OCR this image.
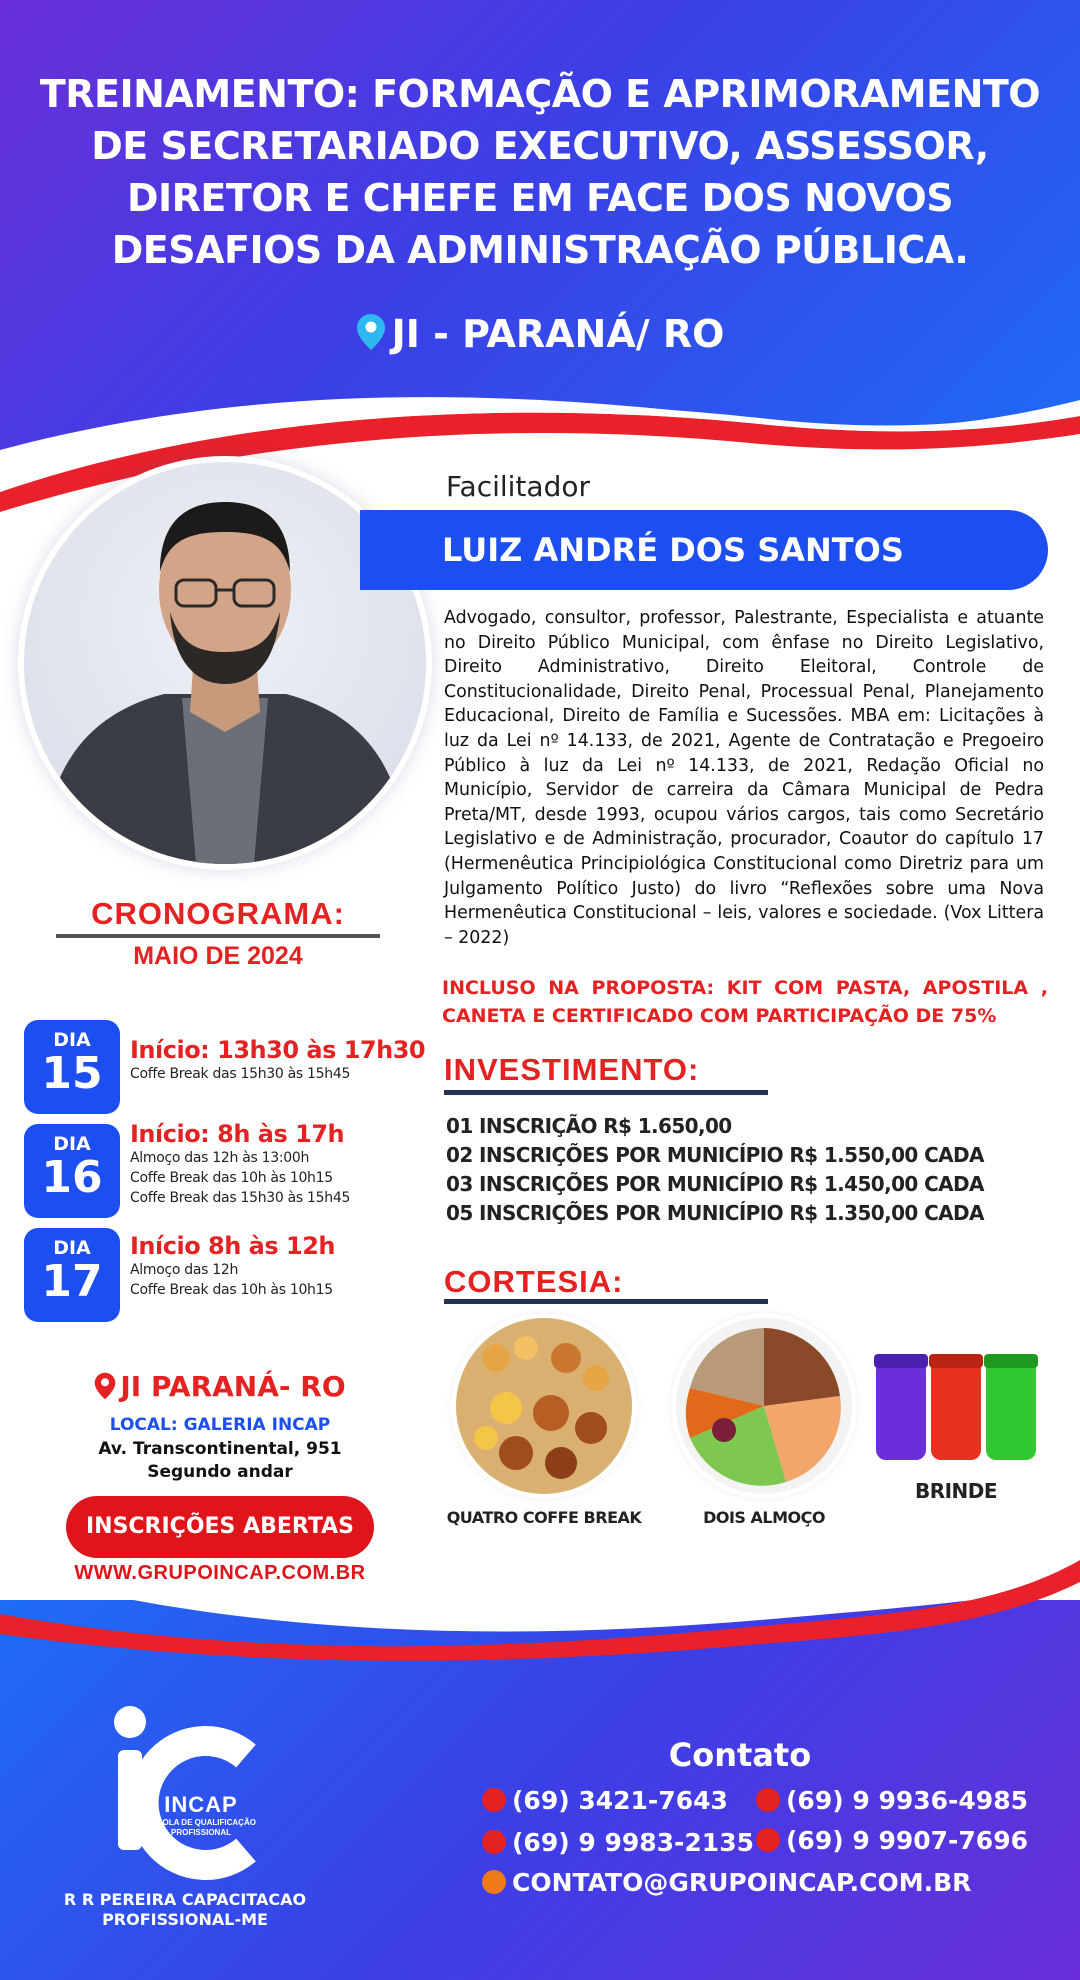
TREINAMENTO: FORMAÇÃO E APRIMORAMENTO DE SECRETARIADO EXECUTIVO, ASSESSOR, DIRETOR E CHEFE EM FACE DOS NOVOS DESAFIOS DA ADMINISTRAÇÃO PÚBLICA.
JI - PARANÁ/ RO
Facilitador
LUIZ ANDRÉ DOS SANTOS
Advogado, consultor, professor, Palestrante, Especialista e atuante no Direito Público Municipal, com ênfase no Direito Legislativo, Direito Administrativo, Direito Eleitoral, Controle de Constitucionalidade, Direito Penal, Processual Penal, Planejamento Educacional, Direito de Família e Sucessões. MBA em: Licitações à luz da Lei nº 14.133, de 2021, Agente de Contratação e Pregoeiro Público à luz da Lei nº 14.133, de 2021, Redação Oficial no Município, Servidor de carreira da Câmara Municipal de Pedra Preta/MT, desde 1993, ocupou vários cargos, tais como Secretário Legislativo e de Administração, procurador, Coautor do capítulo 17 (Hermenêutica Principiológica Constitucional como Diretriz para um Julgamento Político Justo) do livro “Reflexões sobre uma Nova Hermenêutica Constitucional – leis, valores e sociedade. (Vox Littera – 2022)
INCLUSO NA PROPOSTA: KIT COM PASTA, APOSTILA , CANETA E CERTIFICADO COM PARTICIPAÇÃO DE 75%
INVESTIMENTO:
01 INSCRIÇÃO R$ 1.650,00
02 INSCRIÇÕES POR MUNICÍPIO R$ 1.550,00 CADA
03 INSCRIÇÕES POR MUNICÍPIO R$ 1.450,00 CADA
05 INSCRIÇÕES POR MUNICÍPIO R$ 1.350,00 CADA
CORTESIA:
QUATRO COFFE BREAK	DOIS ALMOÇO
BRINDE
CRONOGRAMA:
MAIO DE 2024
DIA
15	Início: 13h30 às 17h30
Coffe Break das 15h30 às 15h45
DIA
16
Início: 8h às 17h
Almoço das 12h às 13:00h
Coffe Break das 10h às 10h15
Coffe Break das 15h30 às 15h45
DIA
17
Início 8h às 12h
Almoço das 12h
Coffe Break das 10h às 10h15
JI PARANÁ- RO
LOCAL: GALERIA INCAP
Av. Transcontinental, 951
Segundo andar
INSCRIÇÕES ABERTAS
WWW.GRUPOINCAP.COM.BR
INCAP
ESCOLA DE QUALIFICAÇÃO
PROFISSIONAL
R R PEREIRA CAPACITACAO
PROFISSIONAL-ME
Contato
(69) 3421-7643	(69) 9 9936-4985
(69) 9 9983-2135	(69) 9 9907-7696
CONTATO@GRUPOINCAP.COM.BR
